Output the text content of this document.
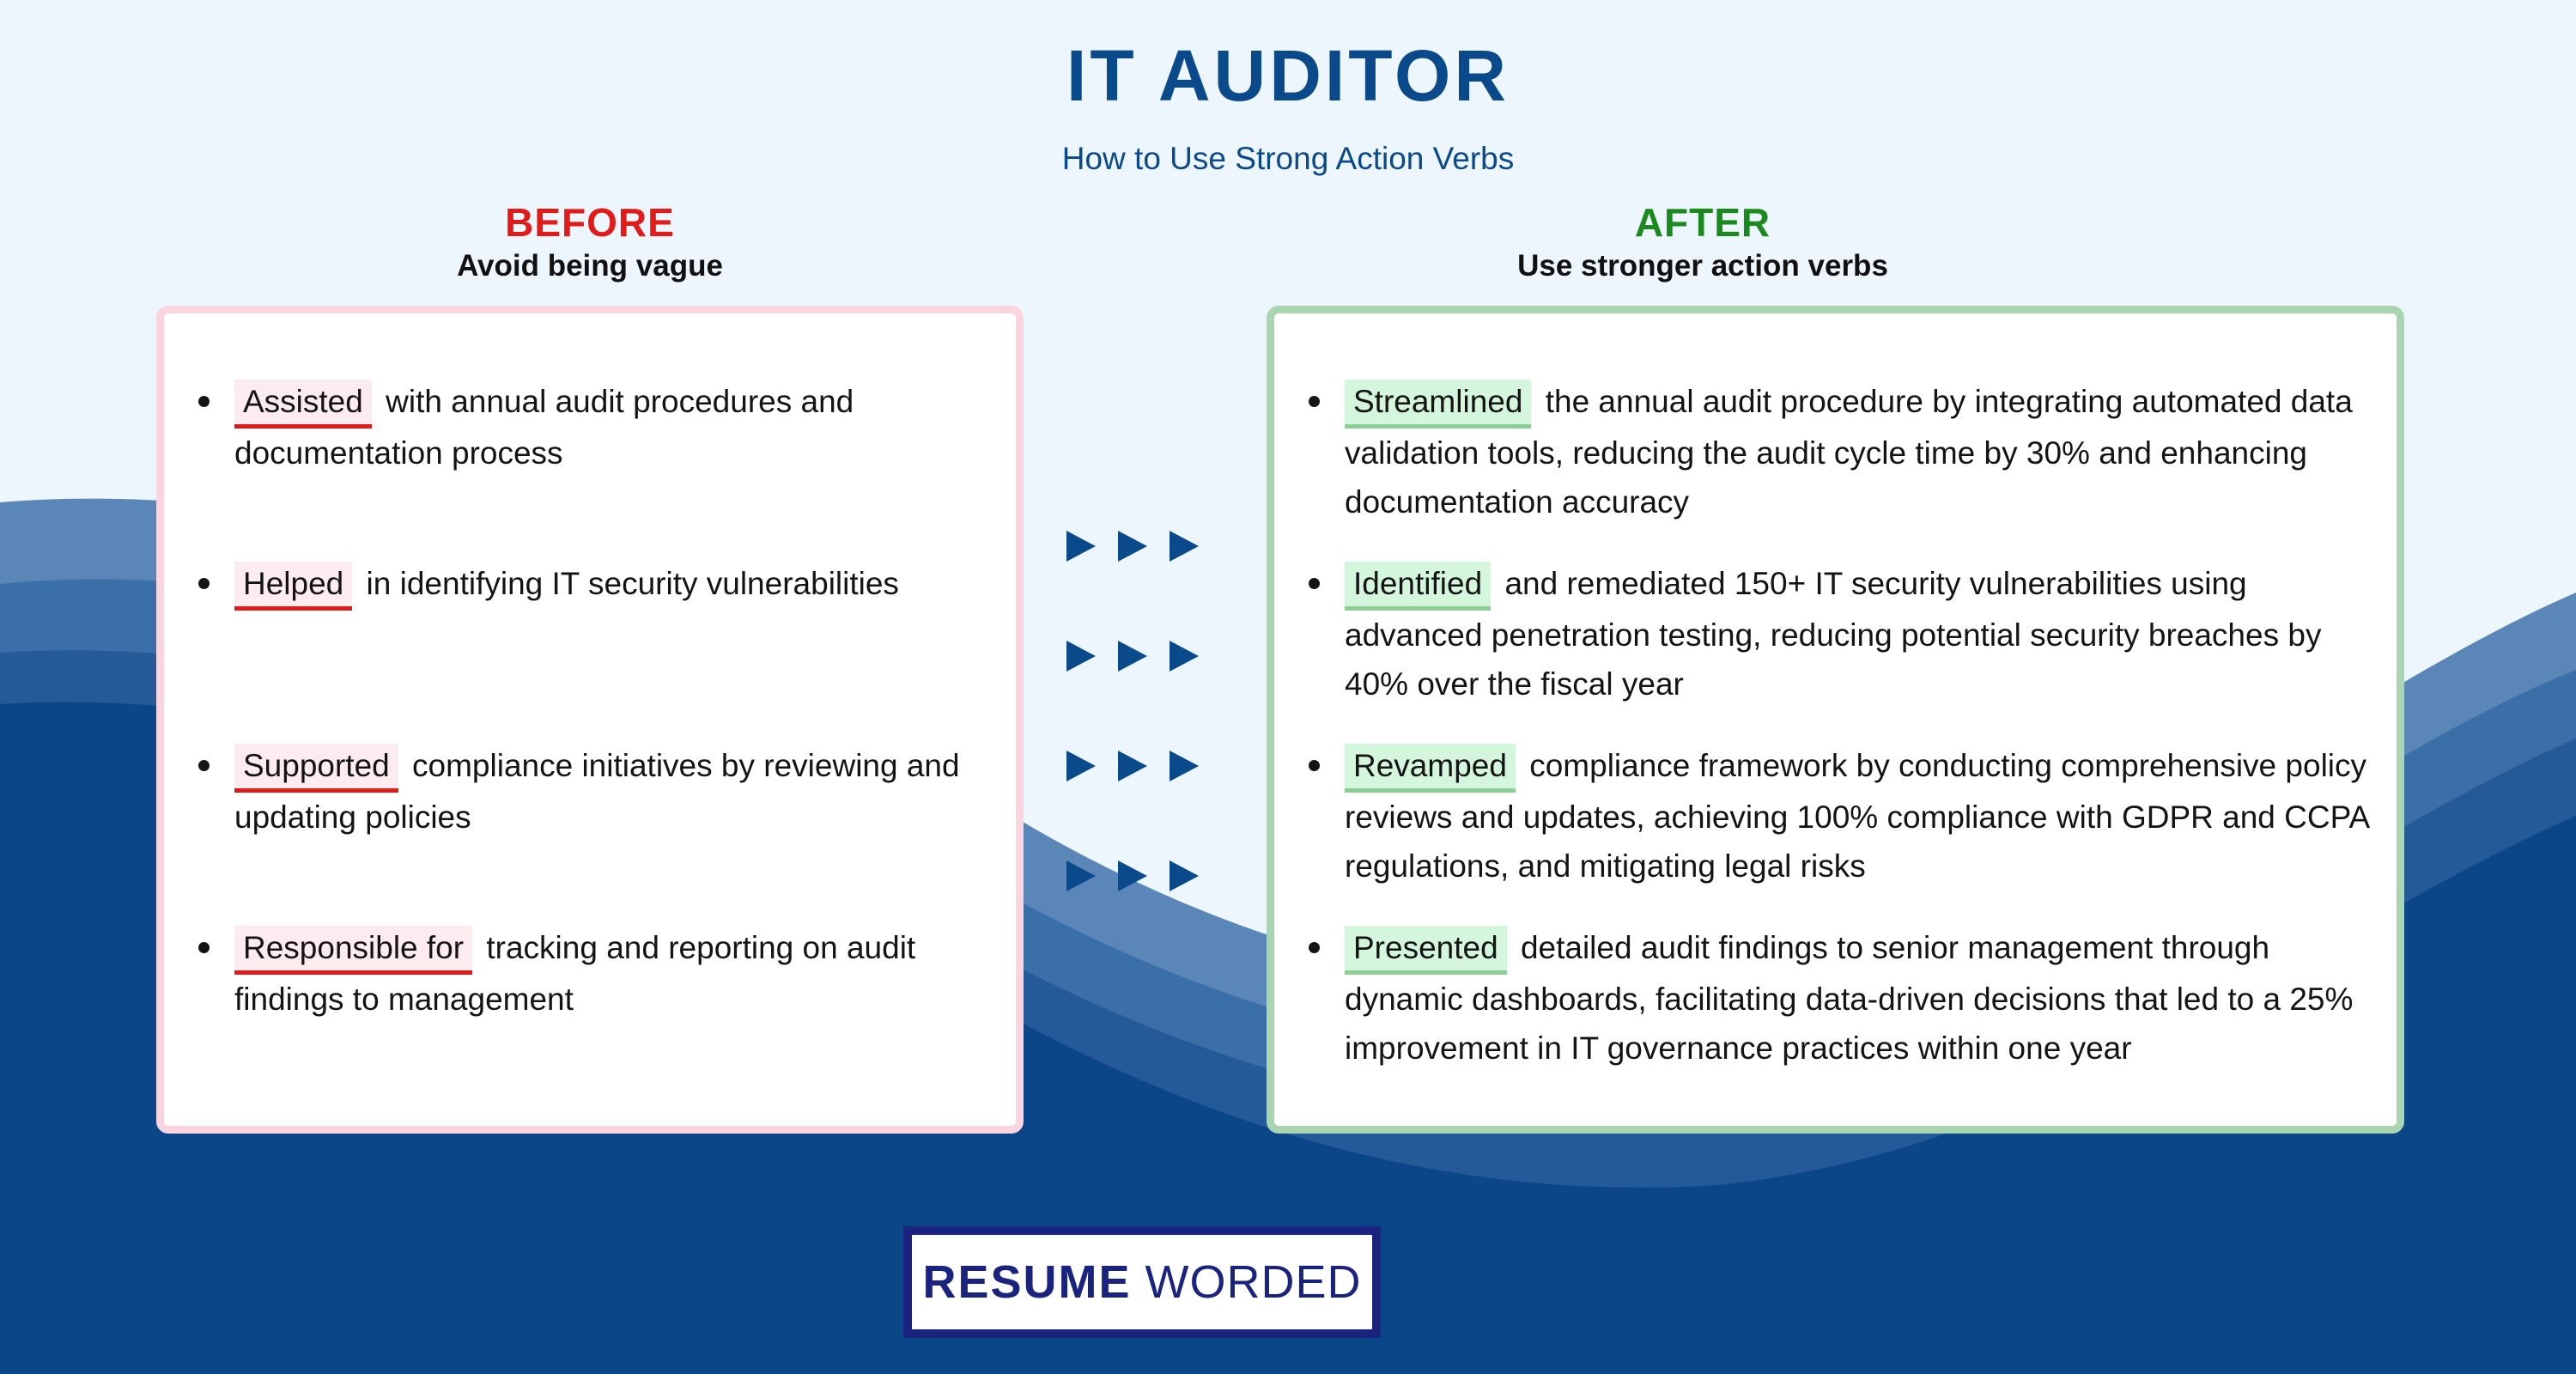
IT AUDITOR
How to Use Strong Action Verbs
BEFORE
Avoid being vague
AFTER
Use stronger action verbs
Assisted with annual audit procedures and documentation process
Helped in identifying IT security vulnerabilities
Supported compliance initiatives by reviewing and updating policies
Responsible for tracking and reporting on audit findings to management
Streamlined the annual audit procedure by integrating automated data validation tools, reducing the audit cycle time by 30% and enhancing documentation accuracy
Identified and remediated 150+ IT security vulnerabilities using advanced penetration testing, reducing potential security breaches by 40% over the fiscal year
Revamped compliance framework by conducting comprehensive policy reviews and updates, achieving 100% compliance with GDPR and CCPA regulations, and mitigating legal risks
Presented detailed audit findings to senior management through dynamic dashboards, facilitating data-driven decisions that led to a 25% improvement in IT governance practices within one year
RESUME WORDED
